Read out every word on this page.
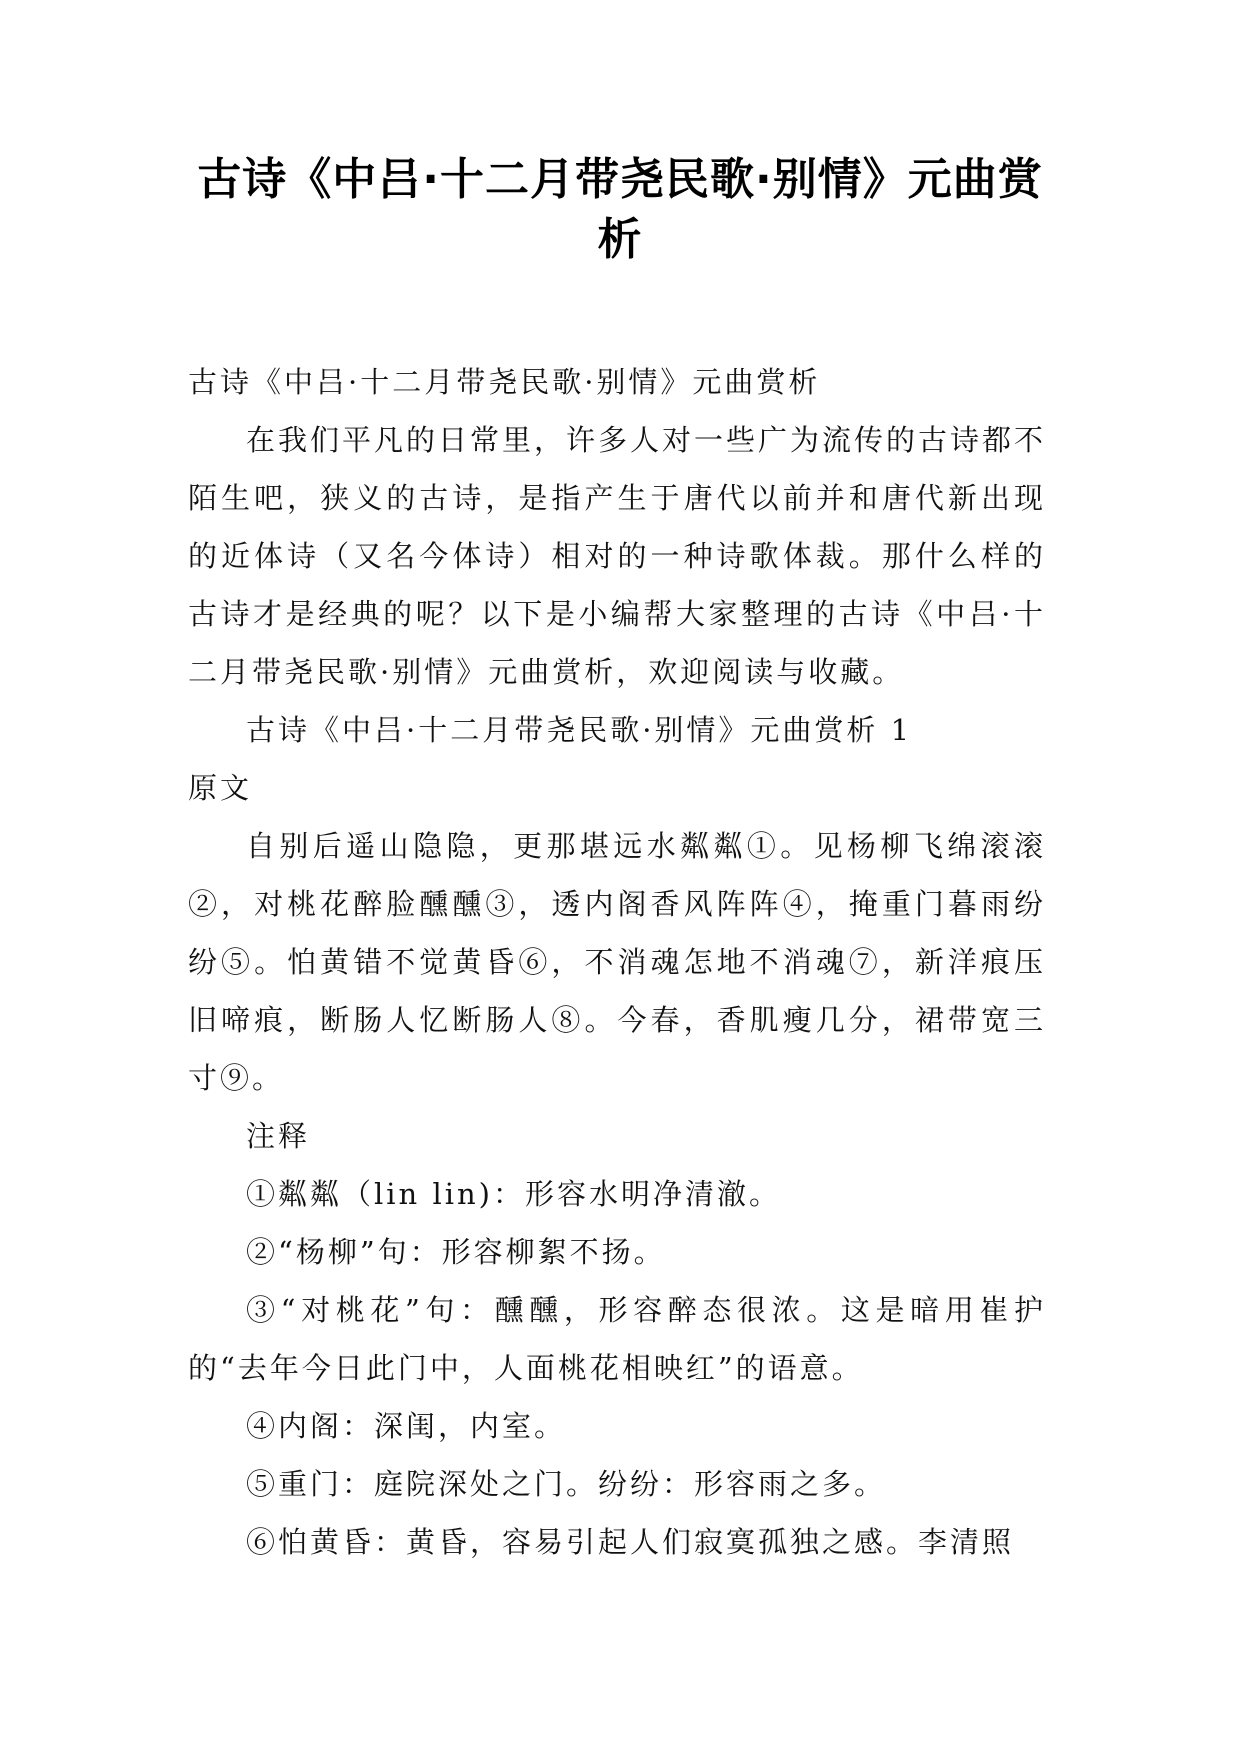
古诗《中吕·十二月带尧民歌·别情》元曲赏析

古诗《中吕·十二月带尧民歌·别情》元曲赏析

在我们平凡的日常里，许多人对一些广为流传的古诗都不陌生吧，狭义的古诗，是指产生于唐代以前并和唐代新出现的近体诗（又名今体诗）相对的一种诗歌体裁。那什么样的古诗才是经典的呢？以下是小编帮大家整理的古诗《中吕·十二月带尧民歌·别情》元曲赏析，欢迎阅读与收藏。

古诗《中吕·十二月带尧民歌·别情》元曲赏析 1

原文

自别后遥山隐隐，更那堪远水粼粼①。见杨柳飞绵滚滚②，对桃花醉脸醺醺③，透内阁香风阵阵④，掩重门暮雨纷纷⑤。怕黄错不觉黄昏⑥，不消魂怎地不消魂⑦，新洋痕压旧啼痕，断肠人忆断肠人⑧。今春，香肌瘦几分，裙带宽三寸⑨。

注释

①粼粼（lin lin)：形容水明净清澈。

②“杨柳”句：形容柳絮不扬。

③“对桃花”句：醺醺，形容醉态很浓。这是暗用崔护的“去年今日此门中，人面桃花相映红”的语意。

④内阁：深闺，内室。

⑤重门：庭院深处之门。纷纷：形容雨之多。

⑥怕黄昏：黄昏，容易引起人们寂寞孤独之感。李清照
